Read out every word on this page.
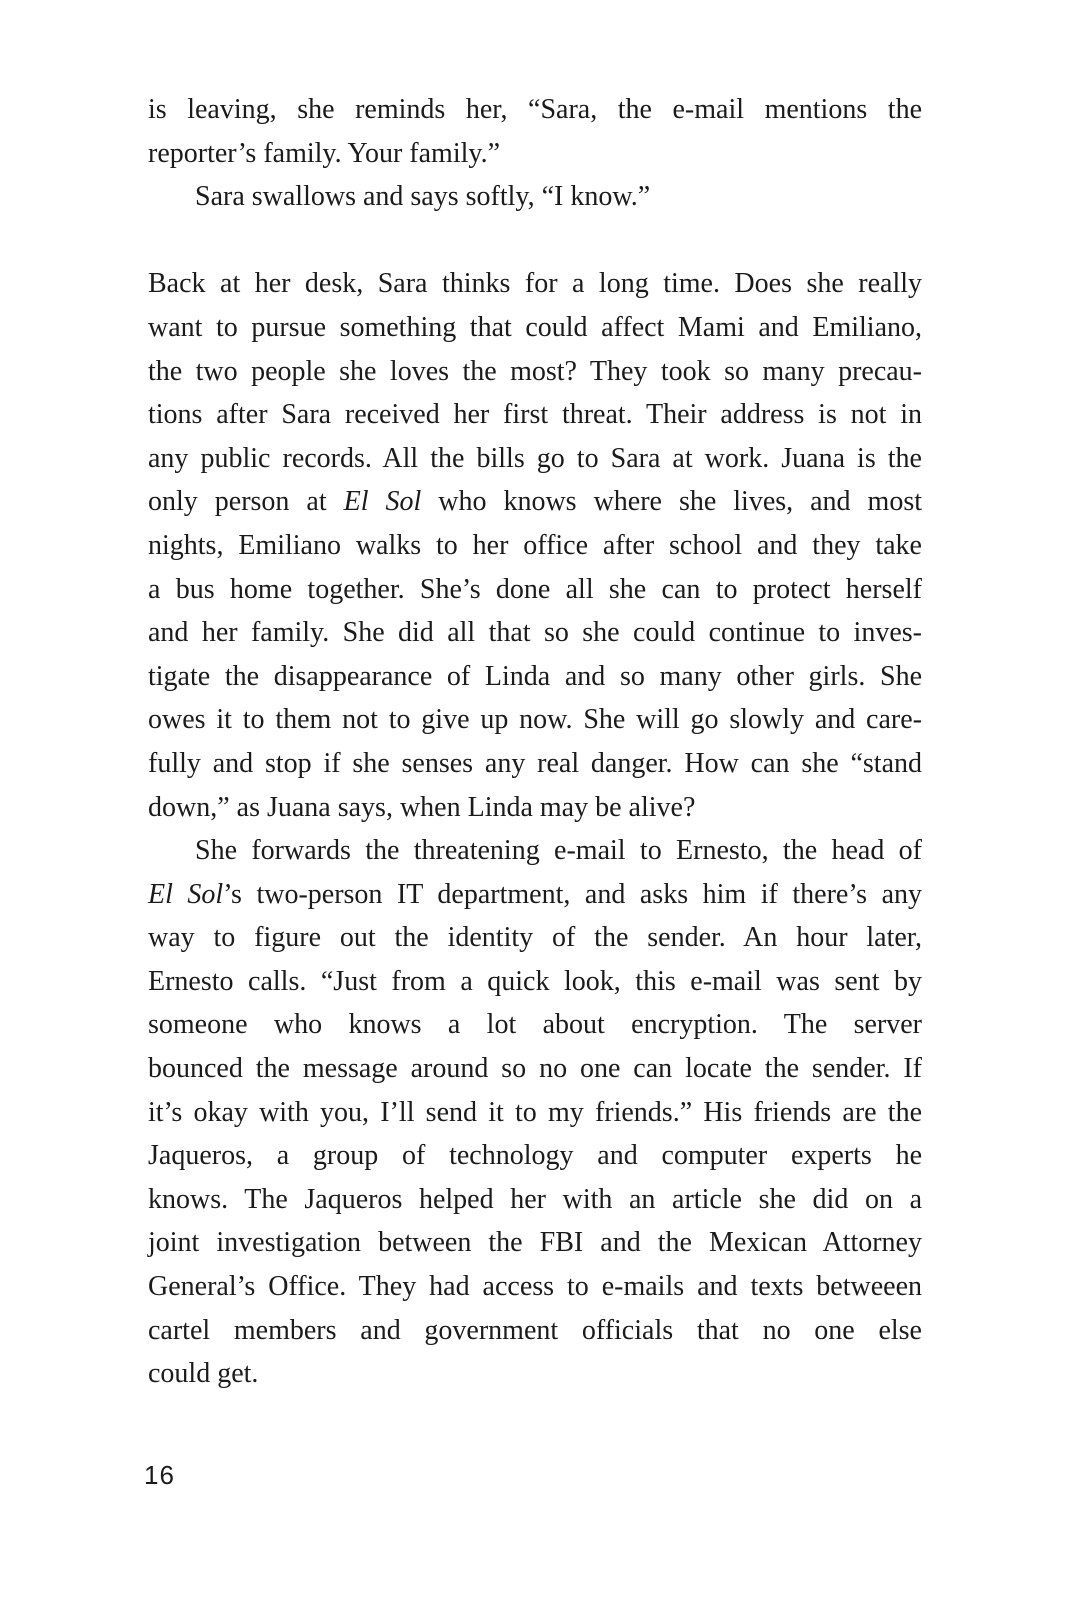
is leaving, she reminds her, “Sara, the e-mail mentions the
reporter’s family. Your family.”
Sara swallows and says softly, “I know.”
Back at her desk, Sara thinks for a long time. Does she really
want to pursue something that could affect Mami and Emiliano,
the two people she loves the most? They took so many precau-
tions after Sara received her first threat. Their address is not in
any public records. All the bills go to Sara at work. Juana is the
only person at El Sol who knows where she lives, and most
nights, Emiliano walks to her office after school and they take
a bus home together. She’s done all she can to protect herself
and her family. She did all that so she could continue to inves-
tigate the disappearance of Linda and so many other girls. She
owes it to them not to give up now. She will go slowly and care-
fully and stop if she senses any real danger. How can she “stand
down,” as Juana says, when Linda may be alive?
She forwards the threatening e-mail to Ernesto, the head of
El Sol’s two-person IT department, and asks him if there’s any
way to figure out the identity of the sender. An hour later,
Ernesto calls. “Just from a quick look, this e-mail was sent by
someone who knows a lot about encryption. The server
bounced the message around so no one can locate the sender. If
it’s okay with you, I’ll send it to my friends.” His friends are the
Jaqueros, a group of technology and computer experts he
knows. The Jaqueros helped her with an article she did on a
joint investigation between the FBI and the Mexican Attorney
General’s Office. They had access to e-mails and texts betweeen
cartel members and government officials that no one else
could get.
16
